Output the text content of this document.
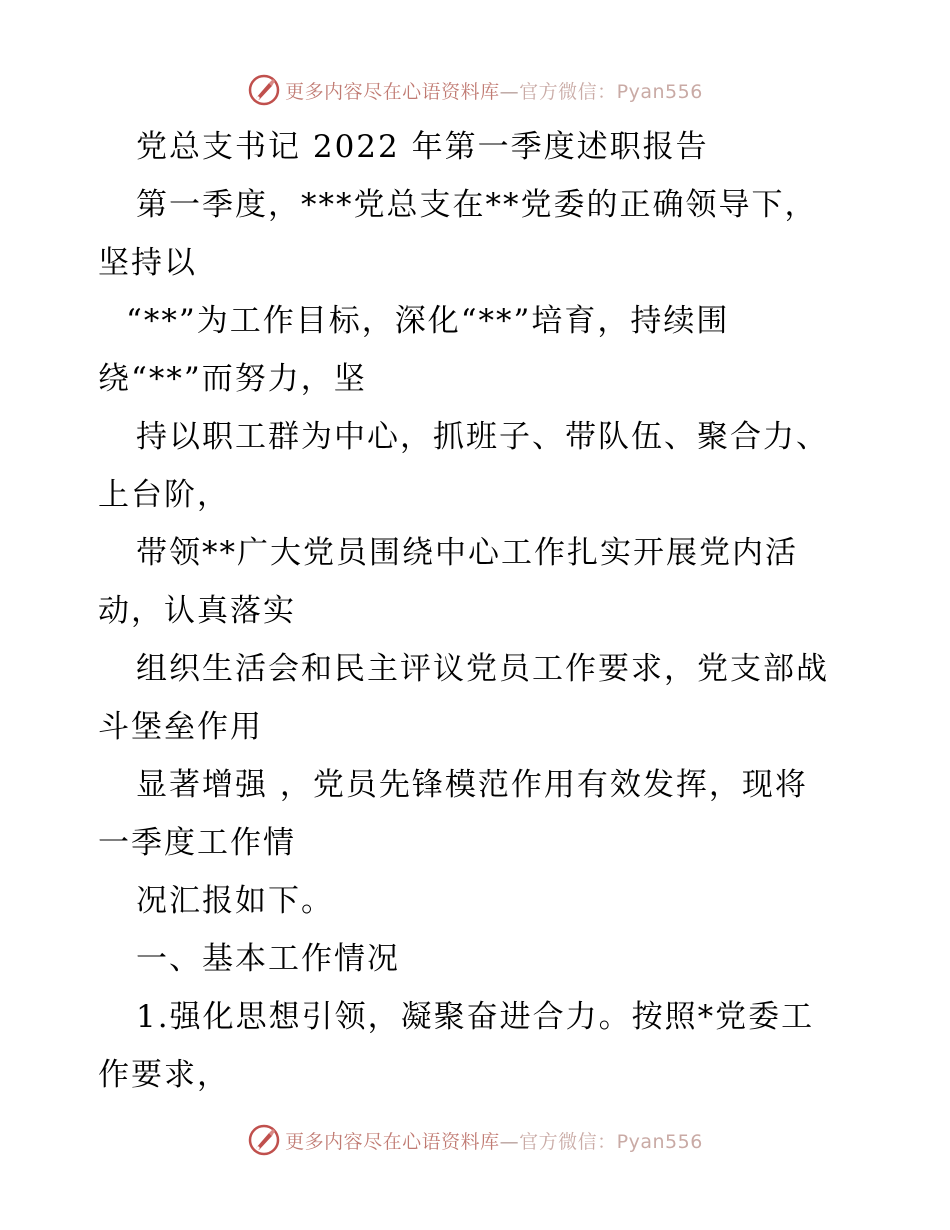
更多内容尽在心语资料库—官方微信：Pyan556
党总支书记 2022 年第一季度述职报告
第一季度，***党总支在**党委的正确领导下，
坚持以
“**”为工作目标，深化“**”培育，持续围
绕“**”而努力，坚
持以职工群为中心，抓班子、带队伍、聚合力、
上台阶，
带领**广大党员围绕中心工作扎实开展党内活
动，认真落实
组织生活会和民主评议党员工作要求，党支部战
斗堡垒作用
显著增强 ，党员先锋模范作用有效发挥，现将
一季度工作情
况汇报如下。
一、基本工作情况
1.强化思想引领，凝聚奋进合力。按照*党委工
作要求，
更多内容尽在心语资料库—官方微信：Pyan556
